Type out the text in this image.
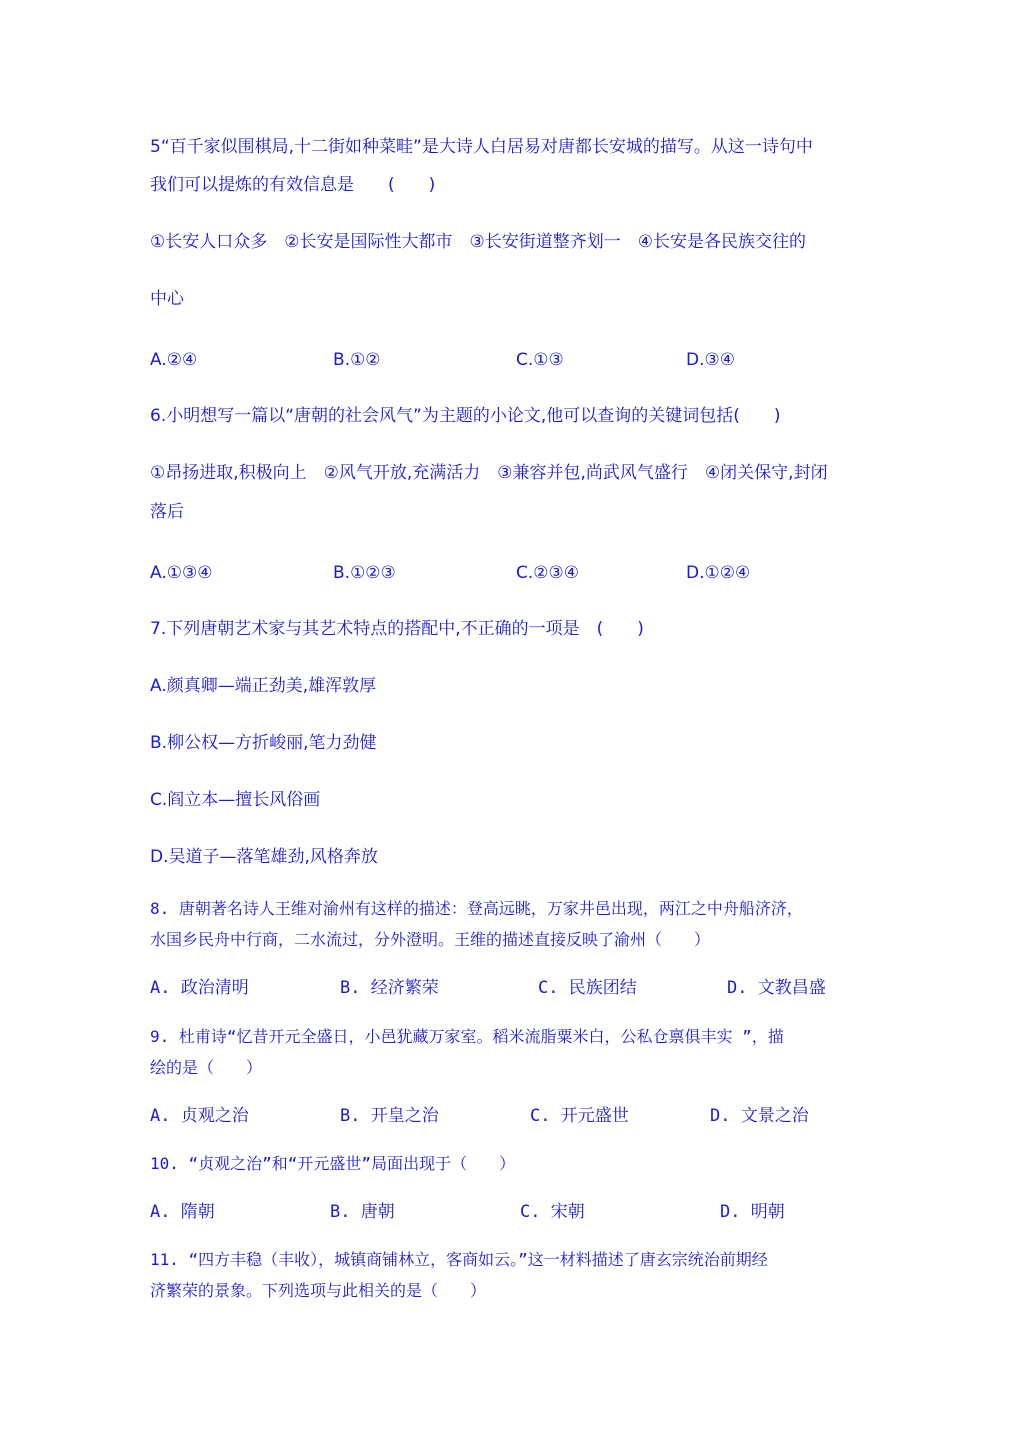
5“百千家似围棋局,十二街如种菜畦”是大诗人白居易对唐都长安城的描写。从这一诗句中
我们可以提炼的有效信息是　　(　　)
①长安人口众多　②长安是国际性大都市　③长安街道整齐划一　④长安是各民族交往的
中心
A.②④	B.①②	C.①③	D.③④
6.小明想写一篇以“唐朝的社会风气”为主题的小论文,他可以查询的关键词包括(　　)
①昂扬进取,积极向上　②风气开放,充满活力　③兼容并包,尚武风气盛行　④闭关保守,封闭
落后
A.①③④	B.①②③	C.②③④	D.①②④
7.下列唐朝艺术家与其艺术特点的搭配中,不正确的一项是　(　　)
A.颜真卿—端正劲美,雄浑敦厚
B.柳公权—方折峻丽,笔力劲健
C.阎立本—擅长风俗画
D.吴道子—落笔雄劲,风格奔放
8. 唐朝著名诗人王维对渝州有这样的描述：登高远眺，万家井邑出现，两江之中舟船济济，
水国乡民舟中行商，二水流过，分外澄明。王维的描述直接反映了渝州（　　）
A. 政治清明	B. 经济繁荣	C. 民族团结	D. 文教昌盛
9. 杜甫诗“忆昔开元全盛日，小邑犹藏万家室。稻米流脂粟米白，公私仓禀俱丰实 ”，描
绘的是（　　）
A. 贞观之治	B. 开皇之治	C. 开元盛世	D. 文景之治
10. “贞观之治”和“开元盛世”局面出现于（　　）
A. 隋朝	B. 唐朝	C. 宋朝	D. 明朝
11. “四方丰稳（丰收），城镇商铺林立，客商如云。”这一材料描述了唐玄宗统治前期经
济繁荣的景象。下列选项与此相关的是（　　）
